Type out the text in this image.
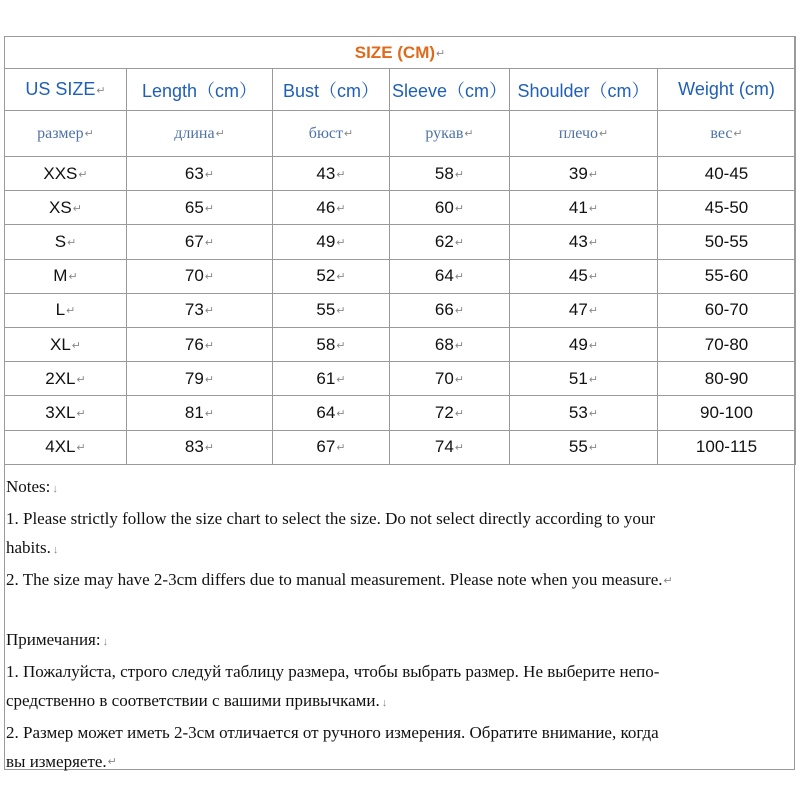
SIZE (CM)↵					
US SIZE↵	Length（cm）	Bust（cm）	Sleeve（cm）	Shoulder（cm）	Weight (cm)
размер↵	длина↵	бюст↵	рукав↵	плечо↵	вес↵
XXS↵	63↵	43↵	58↵	39↵	40-45
XS↵	65↵	46↵	60↵	41↵	45-50
S↵	67↵	49↵	62↵	43↵	50-55
M↵	70↵	52↵	64↵	45↵	55-60
L↵	73↵	55↵	66↵	47↵	60-70
XL↵	76↵	58↵	68↵	49↵	70-80
2XL↵	79↵	61↵	70↵	51↵	80-90
3XL↵	81↵	64↵	72↵	53↵	90-100
4XL↵	83↵	67↵	74↵	55↵	100-115

Notes: ↓

1. Please strictly follow the size chart to select the size. Do not select directly according to your

habits. ↓

2. The size may have 2-3cm differs due to manual measurement. Please note when you measure.↵

Примечания: ↓

1. Пожалуйста, строго следуй таблицу размера, чтобы выбрать размер. Не выберите непо-

средственно в соответствии с вашими привычками. ↓

2. Размер может иметь 2-3см отличается от ручного измерения. Обратите внимание, когда

вы измеряете.↵
